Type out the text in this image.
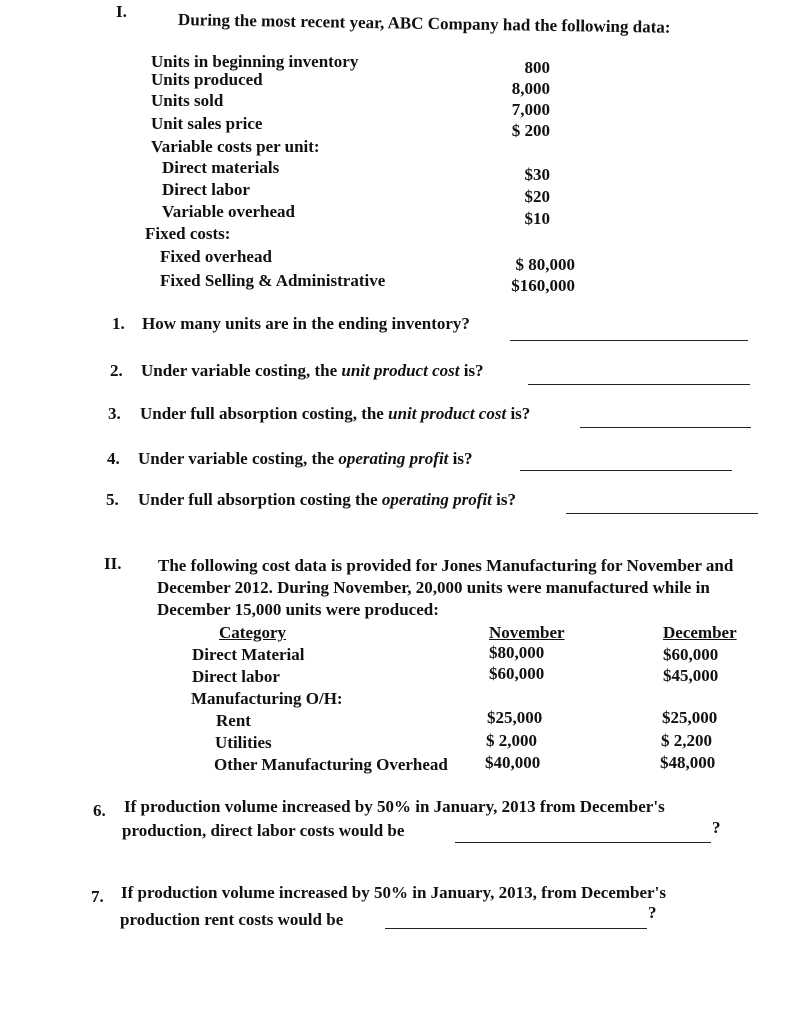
I.	During the most recent year, ABC Company had the following data:
Units in beginning inventory	800
Units produced	8,000
Units sold	7,000
Unit sales price	$ 200
Variable costs per unit:
Direct materials	$30
Direct labor	$20
Variable overhead	$10
Fixed costs:
Fixed overhead	$ 80,000
Fixed Selling & Administrative	$160,000
1. How many units are in the ending inventory?
2. Under variable costing, the unit product cost is?
3. Under full absorption costing, the unit product cost is?
4. Under variable costing, the operating profit is?
5. Under full absorption costing the operating profit is?
II. The following cost data is provided for Jones Manufacturing for November and
December 2012. During November, 20,000 units were manufactured while in
December 15,000 units were produced:
Category	November	December
Direct Material	$80,000	$60,000
Direct labor	$60,000	$45,000
Manufacturing O/H:
Rent	$25,000	$25,000
Utilities	$ 2,000	$ 2,200
Other Manufacturing Overhead $40,000	$48,000
6. If production volume increased by 50% in January, 2013 from December's
production, direct labor costs would be	?
7. If production volume increased by 50% in January, 2013, from December's
production rent costs would be	?
